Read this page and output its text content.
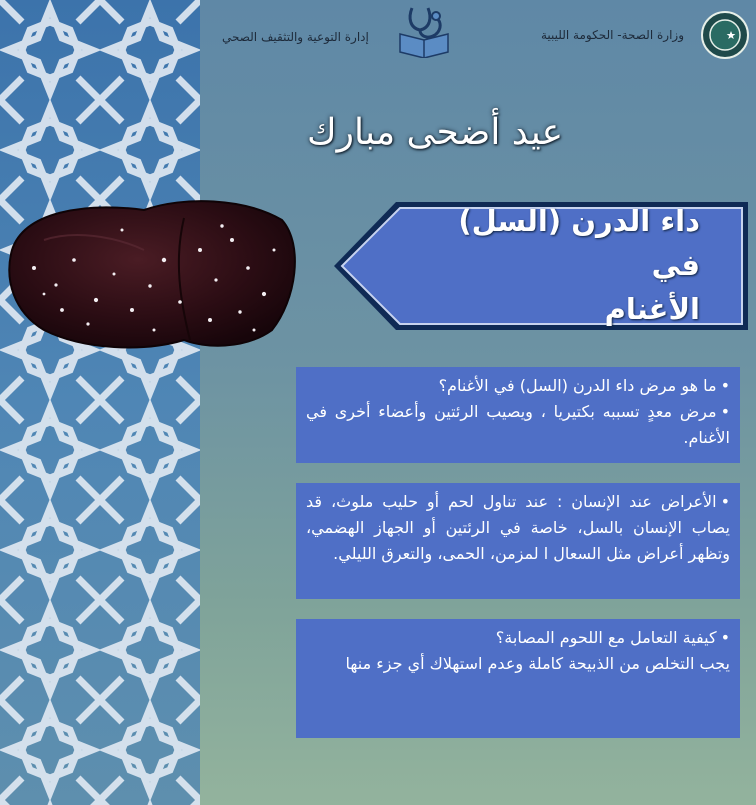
وزارة الصحة- الحكومة الليبية
إدارة التوعية والتثقيف الصحي
عيد أضحى مبارك
داء الدرن (السل) في
الأغنام

• ما هو مرض داء الدرن (السل) في الأغنام؟

• مرض معدٍ تسببه بكتيريا ، ويصيب الرئتين وأعضاء أخرى في الأغنام.

• الأعراض عند الإنسان : عند تناول لحم أو حليب ملوث، قد يصاب الإنسان بالسل، خاصة في الرئتين أو الجهاز الهضمي، وتظهر أعراض مثل السعال ا لمزمن، الحمى، والتعرق الليلي.

• كيفية التعامل مع اللحوم المصابة؟

يجب التخلص من الذبيحة كاملة وعدم استهلاك أي جزء منها
